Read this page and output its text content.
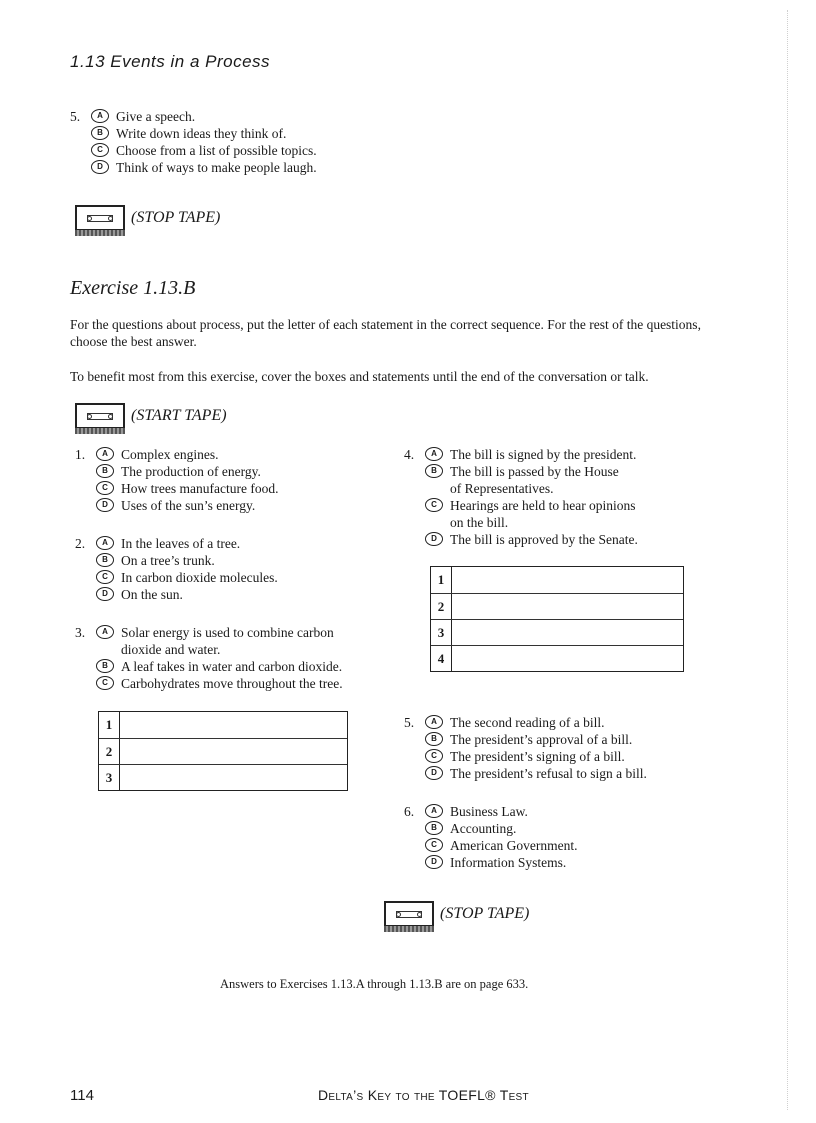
1.13 Events in a Process
5.	A Give a speech.
B Write down ideas they think of.
C Choose from a list of possible topics.
D Think of ways to make people laugh.
(STOP TAPE)
Exercise 1.13.B
For the questions about process, put the letter of each statement in the correct sequence. For the rest of the questions, choose the best answer.
To benefit most from this exercise, cover the boxes and statements until the end of the conversation or talk.
(START TAPE)
1.	A Complex engines.
B The production of energy.
C How trees manufacture food.
D Uses of the sun’s energy.
2.	A In the leaves of a tree.
B On a tree’s trunk.
C In carbon dioxide molecules.
D On the sun.
3.	A Solar energy is used to combine carbon
dioxide and water.
B A leaf takes in water and carbon dioxide.
C Carbohydrates move throughout the tree.
1
2
3
4.	A The bill is signed by the president.
B The bill is passed by the House
of Representatives.
C Hearings are held to hear opinions
on the bill.
D The bill is approved by the Senate.
1
2
3
4
5.	A The second reading of a bill.
B The president’s approval of a bill.
C The president’s signing of a bill.
D The president’s refusal to sign a bill.
6.	A Business Law.
B Accounting.
C American Government.
D Information Systems.
(STOP TAPE)
Answers to Exercises 1.13.A through 1.13.B are on page 633.
114	Delta’s Key to the TOEFL® Test
